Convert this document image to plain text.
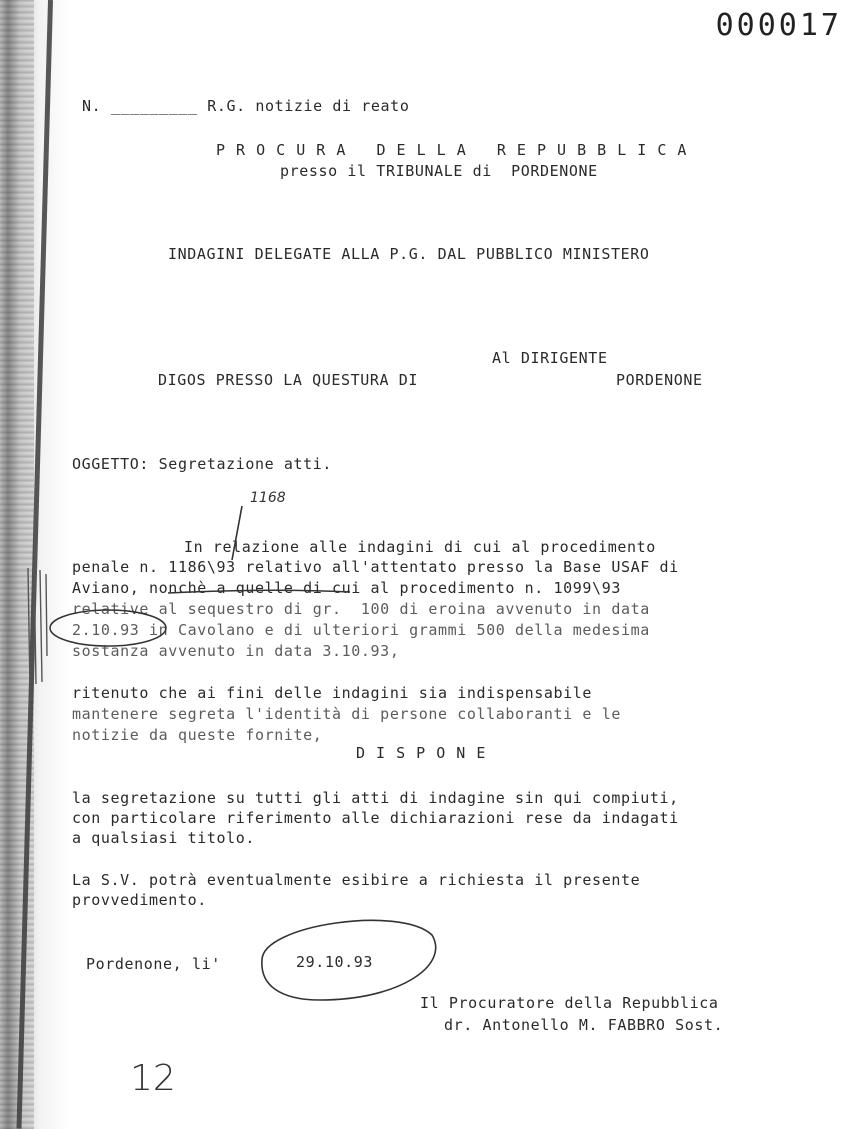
000017
N. _________ R.G. notizie di reato
P R O C U R A   D E L L A   R E P U B B L I C A
presso il TRIBUNALE di  PORDENONE
INDAGINI DELEGATE ALLA P.G. DAL PUBBLICO MINISTERO
Al DIRIGENTE
DIGOS PRESSO LA QUESTURA DI	PORDENONE
OGGETTO: Segretazione atti.
1168
In relazione alle indagini di cui al procedimento
penale n. 1186\93 relativo all'attentato presso la Base USAF di
Aviano, nonchè a quelle di cui al procedimento n. 1099\93
relative al sequestro di gr.  100 di eroina avvenuto in data
2.10.93 in Cavolano e di ulteriori grammi 500 della medesima
sostanza avvenuto in data 3.10.93,
ritenuto che ai fini delle indagini sia indispensabile
mantenere segreta l'identità di persone collaboranti e le
notizie da queste fornite,
D I S P O N E
la segretazione su tutti gli atti di indagine sin qui compiuti,
con particolare riferimento alle dichiarazioni rese da indagati
a qualsiasi titolo.
La S.V. potrà eventualmente esibire a richiesta il presente
provvedimento.
Pordenone, li'	29.10.93
Il Procuratore della Repubblica
dr. Antonello M. FABBRO Sost.
12
